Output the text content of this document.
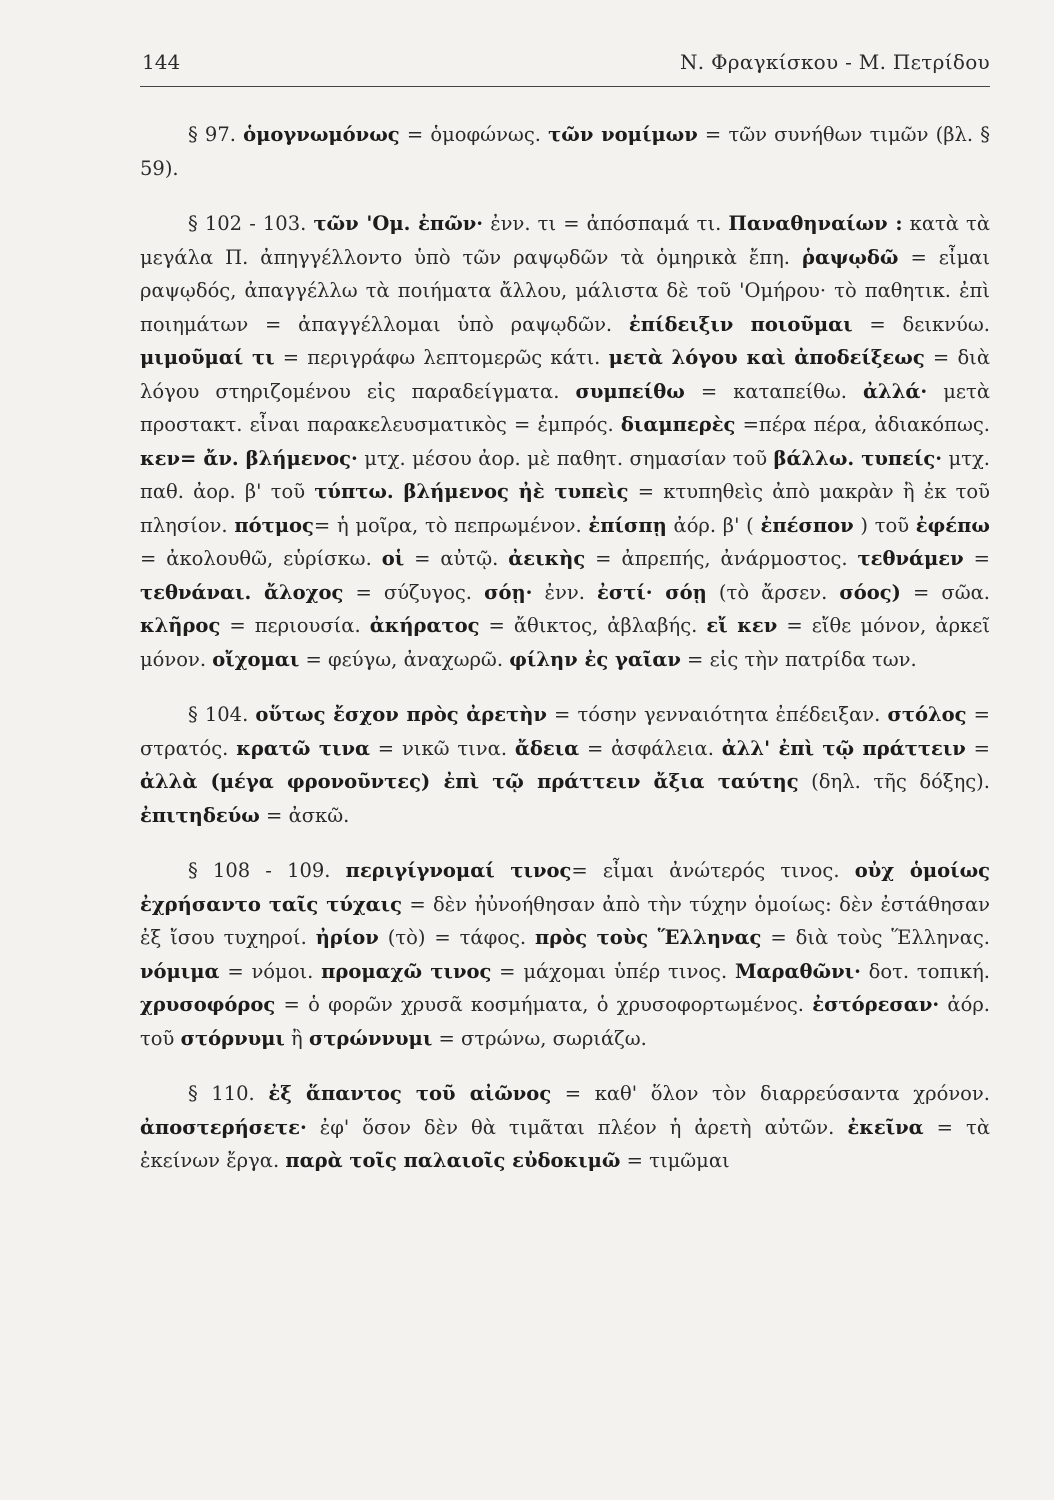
144	Ν. Φραγκίσκου - Μ. Πετρίδου

§ 97. ὁμογνωμόνως = ὁμοφώνως. τῶν νομίμων = τῶν συνήθων τιμῶν (βλ. § 59).

§ 102 - 103. τῶν 'Ομ. ἐπῶν· ἐνν. τι = ἀπόσπαμά τι. Παναθηναίων : κατὰ τὰ μεγάλα Π. ἀπηγγέλλοντο ὑπὸ τῶν ραψῳδῶν τὰ ὁμηρικὰ ἔπη. ῥαψῳδῶ = εἶμαι ραψῳδός, ἀπαγγέλλω τὰ ποιήματα ἄλλου, μάλιστα δὲ τοῦ 'Ομήρου· τὸ παθητικ. ἐπὶ ποιημάτων = ἀπαγγέλλομαι ὑπὸ ραψῳδῶν. ἐπίδειξιν ποιοῦμαι = δεικνύω. μιμοῦμαί τι = περιγράφω λεπτομερῶς κάτι. μετὰ λόγου καὶ ἀποδείξεως = διὰ λόγου στηριζομένου εἰς παραδείγματα. συμπείθω = καταπείθω. ἀλλά· μετὰ προστακτ. εἶναι παρακελευσματικὸς = ἐμπρός. διαμπερὲς =πέρα πέρα, ἀδιακόπως. κεν= ἄν. βλήμενος· μτχ. μέσου ἀορ. μὲ παθητ. σημασίαν τοῦ βάλλω. τυπείς· μτχ. παθ. ἀορ. β' τοῦ τύπτω. βλήμενος ἠὲ τυπεὶς = κτυπηθεὶς ἀπὸ μακρὰν ἢ ἐκ τοῦ πλησίον. πότμος= ἡ μοῖρα, τὸ πεπρωμένον. ἐπίσπῃ ἀόρ. β' ( ἐπέσπον ) τοῦ ἐφέπω = ἀκολουθῶ, εὑρίσκω. οἱ = αὐτῷ. ἀεικὴς = ἀπρεπής, ἀνάρμοστος. τεθνάμεν = τεθνάναι. ἄλοχος = σύζυγος. σόῃ· ἐνν. ἐστί· σόῃ (τὸ ἄρσεν. σόος) = σῶα. κλῆρος = περιουσία. ἀκήρατος = ἄθικτος, ἀβλαβής. εἴ κεν = εἴθε μόνον, ἀρκεῖ μόνον. οἴχομαι = φεύγω, ἀναχωρῶ. φίλην ἐς γαῖαν = εἰς τὴν πατρίδα των.

§ 104. οὕτως ἔσχον πρὸς ἀρετὴν = τόσην γενναιότητα ἐπέδειξαν. στόλος = στρατός. κρατῶ τινα = νικῶ τινα. ἄδεια = ἀσφάλεια. ἀλλ' ἐπὶ τῷ πράττειν = ἀλλὰ (μέγα φρονοῦντες) ἐπὶ τῷ πράττειν ἄξια ταύτης (δηλ. τῆς δόξης). ἐπιτηδεύω = ἀσκῶ.

§ 108 - 109. περιγίγνομαί τινος= εἶμαι ἀνώτερός τινος. οὐχ ὁμοίως ἐχρήσαντο ταῖς τύχαις = δὲν ἠὐνοήθησαν ἀπὸ τὴν τύχην ὁμοίως: δὲν ἐστάθησαν ἐξ ἴσου τυχηροί. ἠρίον (τὸ) = τάφος. πρὸς τοὺς Ἕλληνας = διὰ τοὺς Ἕλληνας. νόμιμα = νόμοι. προμαχῶ τινος = μάχομαι ὑπέρ τινος. Μαραθῶνι· δοτ. τοπική. χρυσοφόρος = ὁ φορῶν χρυσᾶ κοσμήματα, ὁ χρυσοφορτωμένος. ἐστόρεσαν· ἀόρ. τοῦ στόρνυμι ἢ στρώννυμι = στρώνω, σωριάζω.

§ 110. ἐξ ἅπαντος τοῦ αἰῶνος = καθ' ὅλον τὸν διαρρεύσαντα χρόνον. ἀποστερήσετε· ἐφ' ὅσον δὲν θὰ τιμᾶται πλέον ἡ ἀρετὴ αὐτῶν. ἐκεῖνα = τὰ ἐκείνων ἔργα. παρὰ τοῖς παλαιοῖς εὐδοκιμῶ = τιμῶμαι
